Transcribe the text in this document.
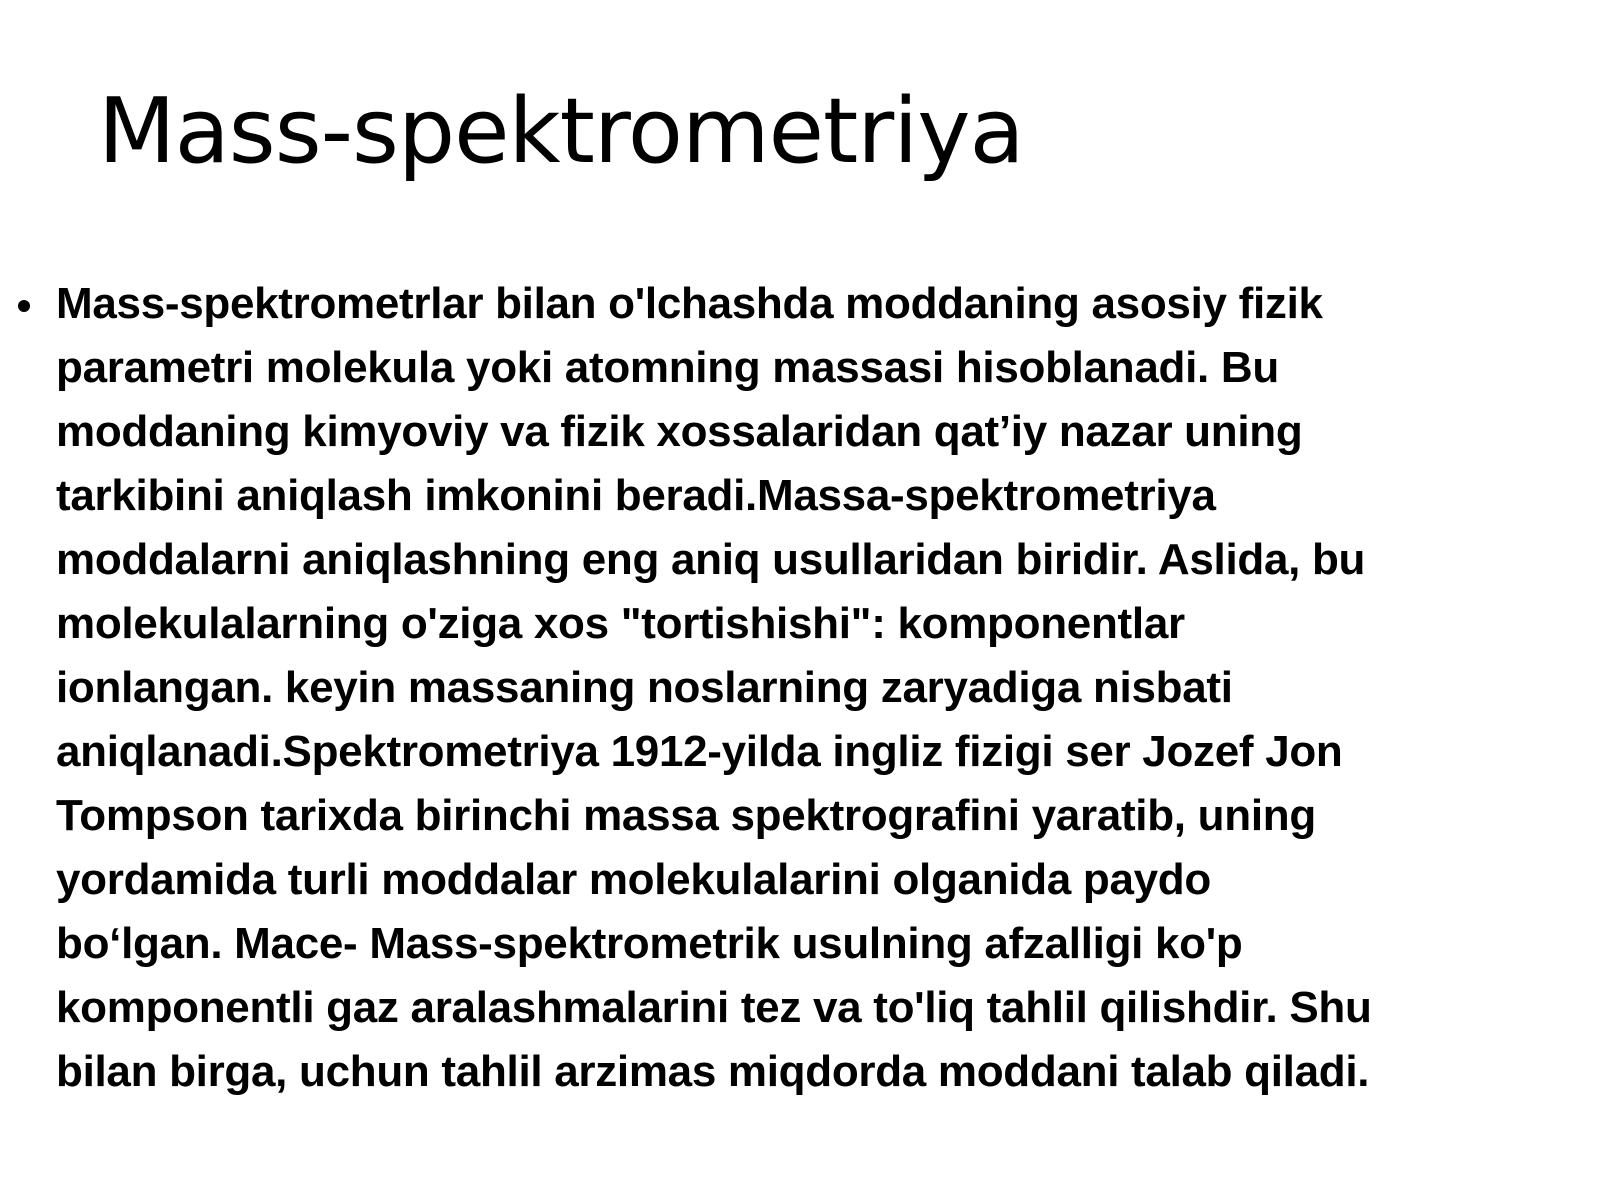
Mass-spektrometriya
Mass-spektrometrlar bilan o'lchashda moddaning asosiy fizik
parametri molekula yoki atomning massasi hisoblanadi. Bu
moddaning kimyoviy va fizik xossalaridan qat’iy nazar uning
tarkibini aniqlash imkonini beradi.Massa-spektrometriya
moddalarni aniqlashning eng aniq usullaridan biridir. Aslida, bu
molekulalarning o'ziga xos "tortishishi": komponentlar
ionlangan. keyin massaning noslarning zaryadiga nisbati
aniqlanadi.Spektrometriya 1912-yilda ingliz fizigi ser Jozef Jon
Tompson tarixda birinchi massa spektrografini yaratib, uning
yordamida turli moddalar molekulalarini olganida paydo
bo‘lgan. Mace- Mass-spektrometrik usulning afzalligi ko'p
komponentli gaz aralashmalarini tez va to'liq tahlil qilishdir. Shu
bilan birga, uchun tahlil arzimas miqdorda moddani talab qiladi.
